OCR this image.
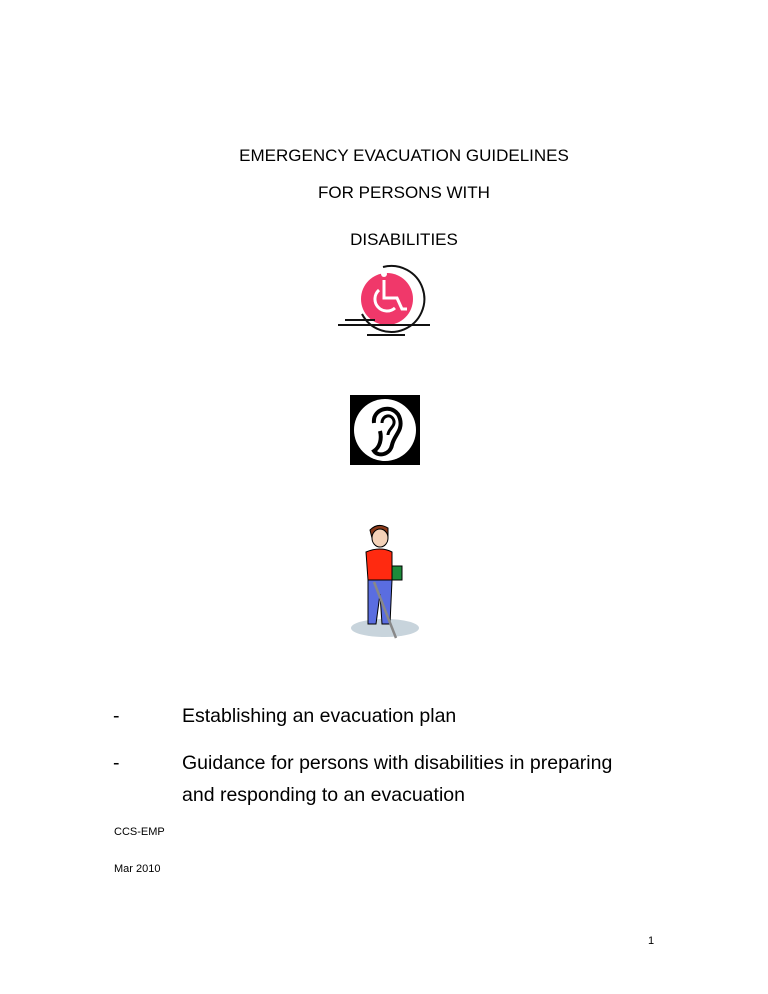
EMERGENCY EVACUATION GUIDELINES
FOR PERSONS WITH
DISABILITIES
-	Establishing an evacuation plan
-	Guidance for persons with disabilities in preparing
and responding to an evacuation
CCS-EMP
Mar 2010
1
